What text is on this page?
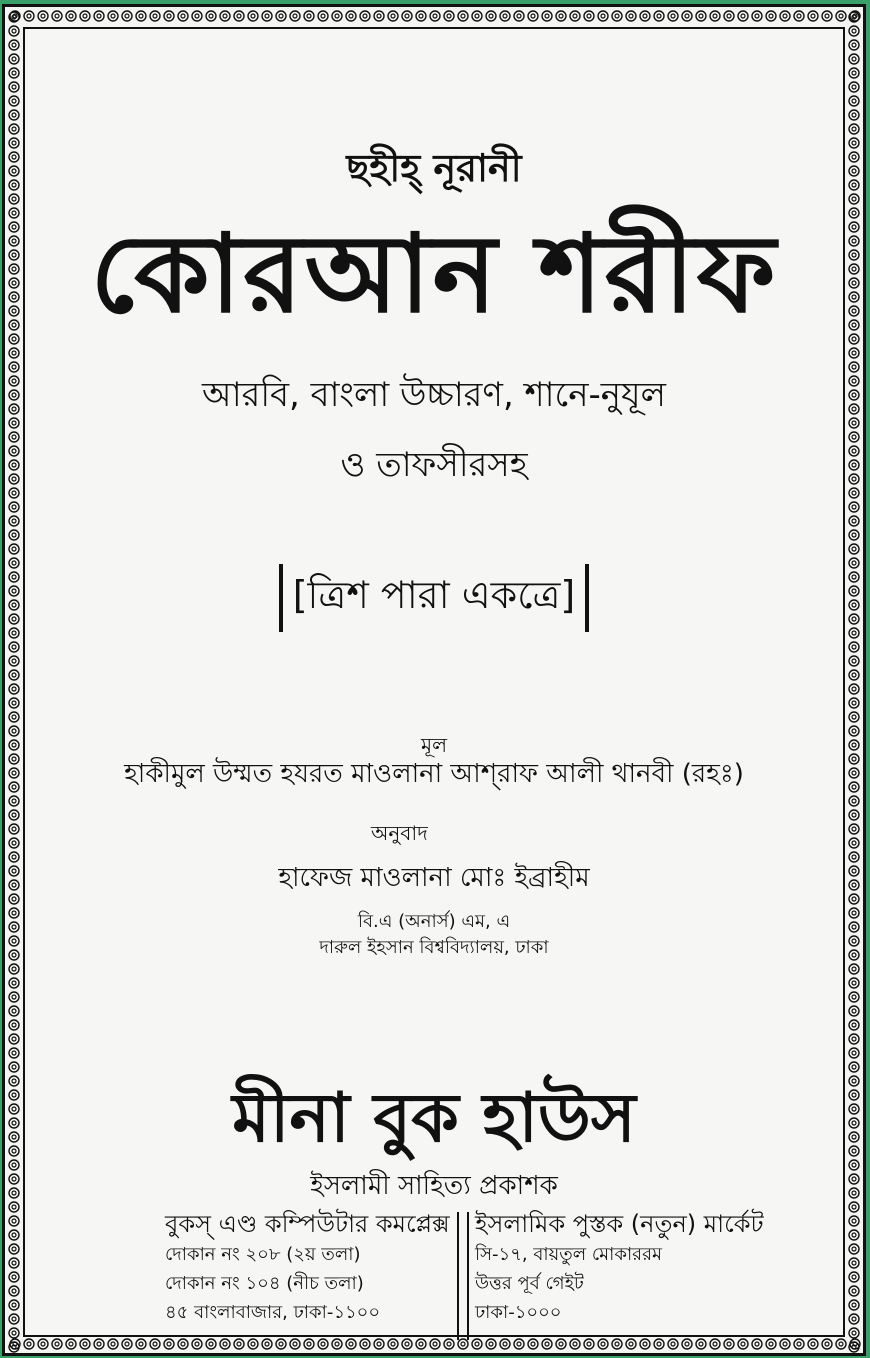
ছহীহ্ নূরানী
কোরআন শরীফ
আরবি, বাংলা উচ্চারণ, শানে-নুযূল
ও তাফসীরসহ
[ত্রিশ পারা একত্রে]
মূল
হাকীমুল উম্মত হযরত মাওলানা আশ্‌রাফ আলী থানবী (রহঃ)
অনুবাদ
হাফেজ মাওলানা মোঃ ইব্রাহীম
বি.এ (অনার্স) এম, এ
দারুল ইহসান বিশ্ববিদ্যালয়, ঢাকা
মীনা বুক হাউস
ইসলামী সাহিত্য প্রকাশক
বুকস্‌ এণ্ড কম্পিউটার কমপ্লেক্স
দোকান নং ২০৮ (২য় তলা)
দোকান নং ১০৪ (নীচ তলা)
৪৫ বাংলাবাজার, ঢাকা-১১০০
ইসলামিক পুস্তক (নতুন) মার্কেট
সি-১৭, বায়তুল মোকাররম
উত্তর পূর্ব গেইট
ঢাকা-১০০০
